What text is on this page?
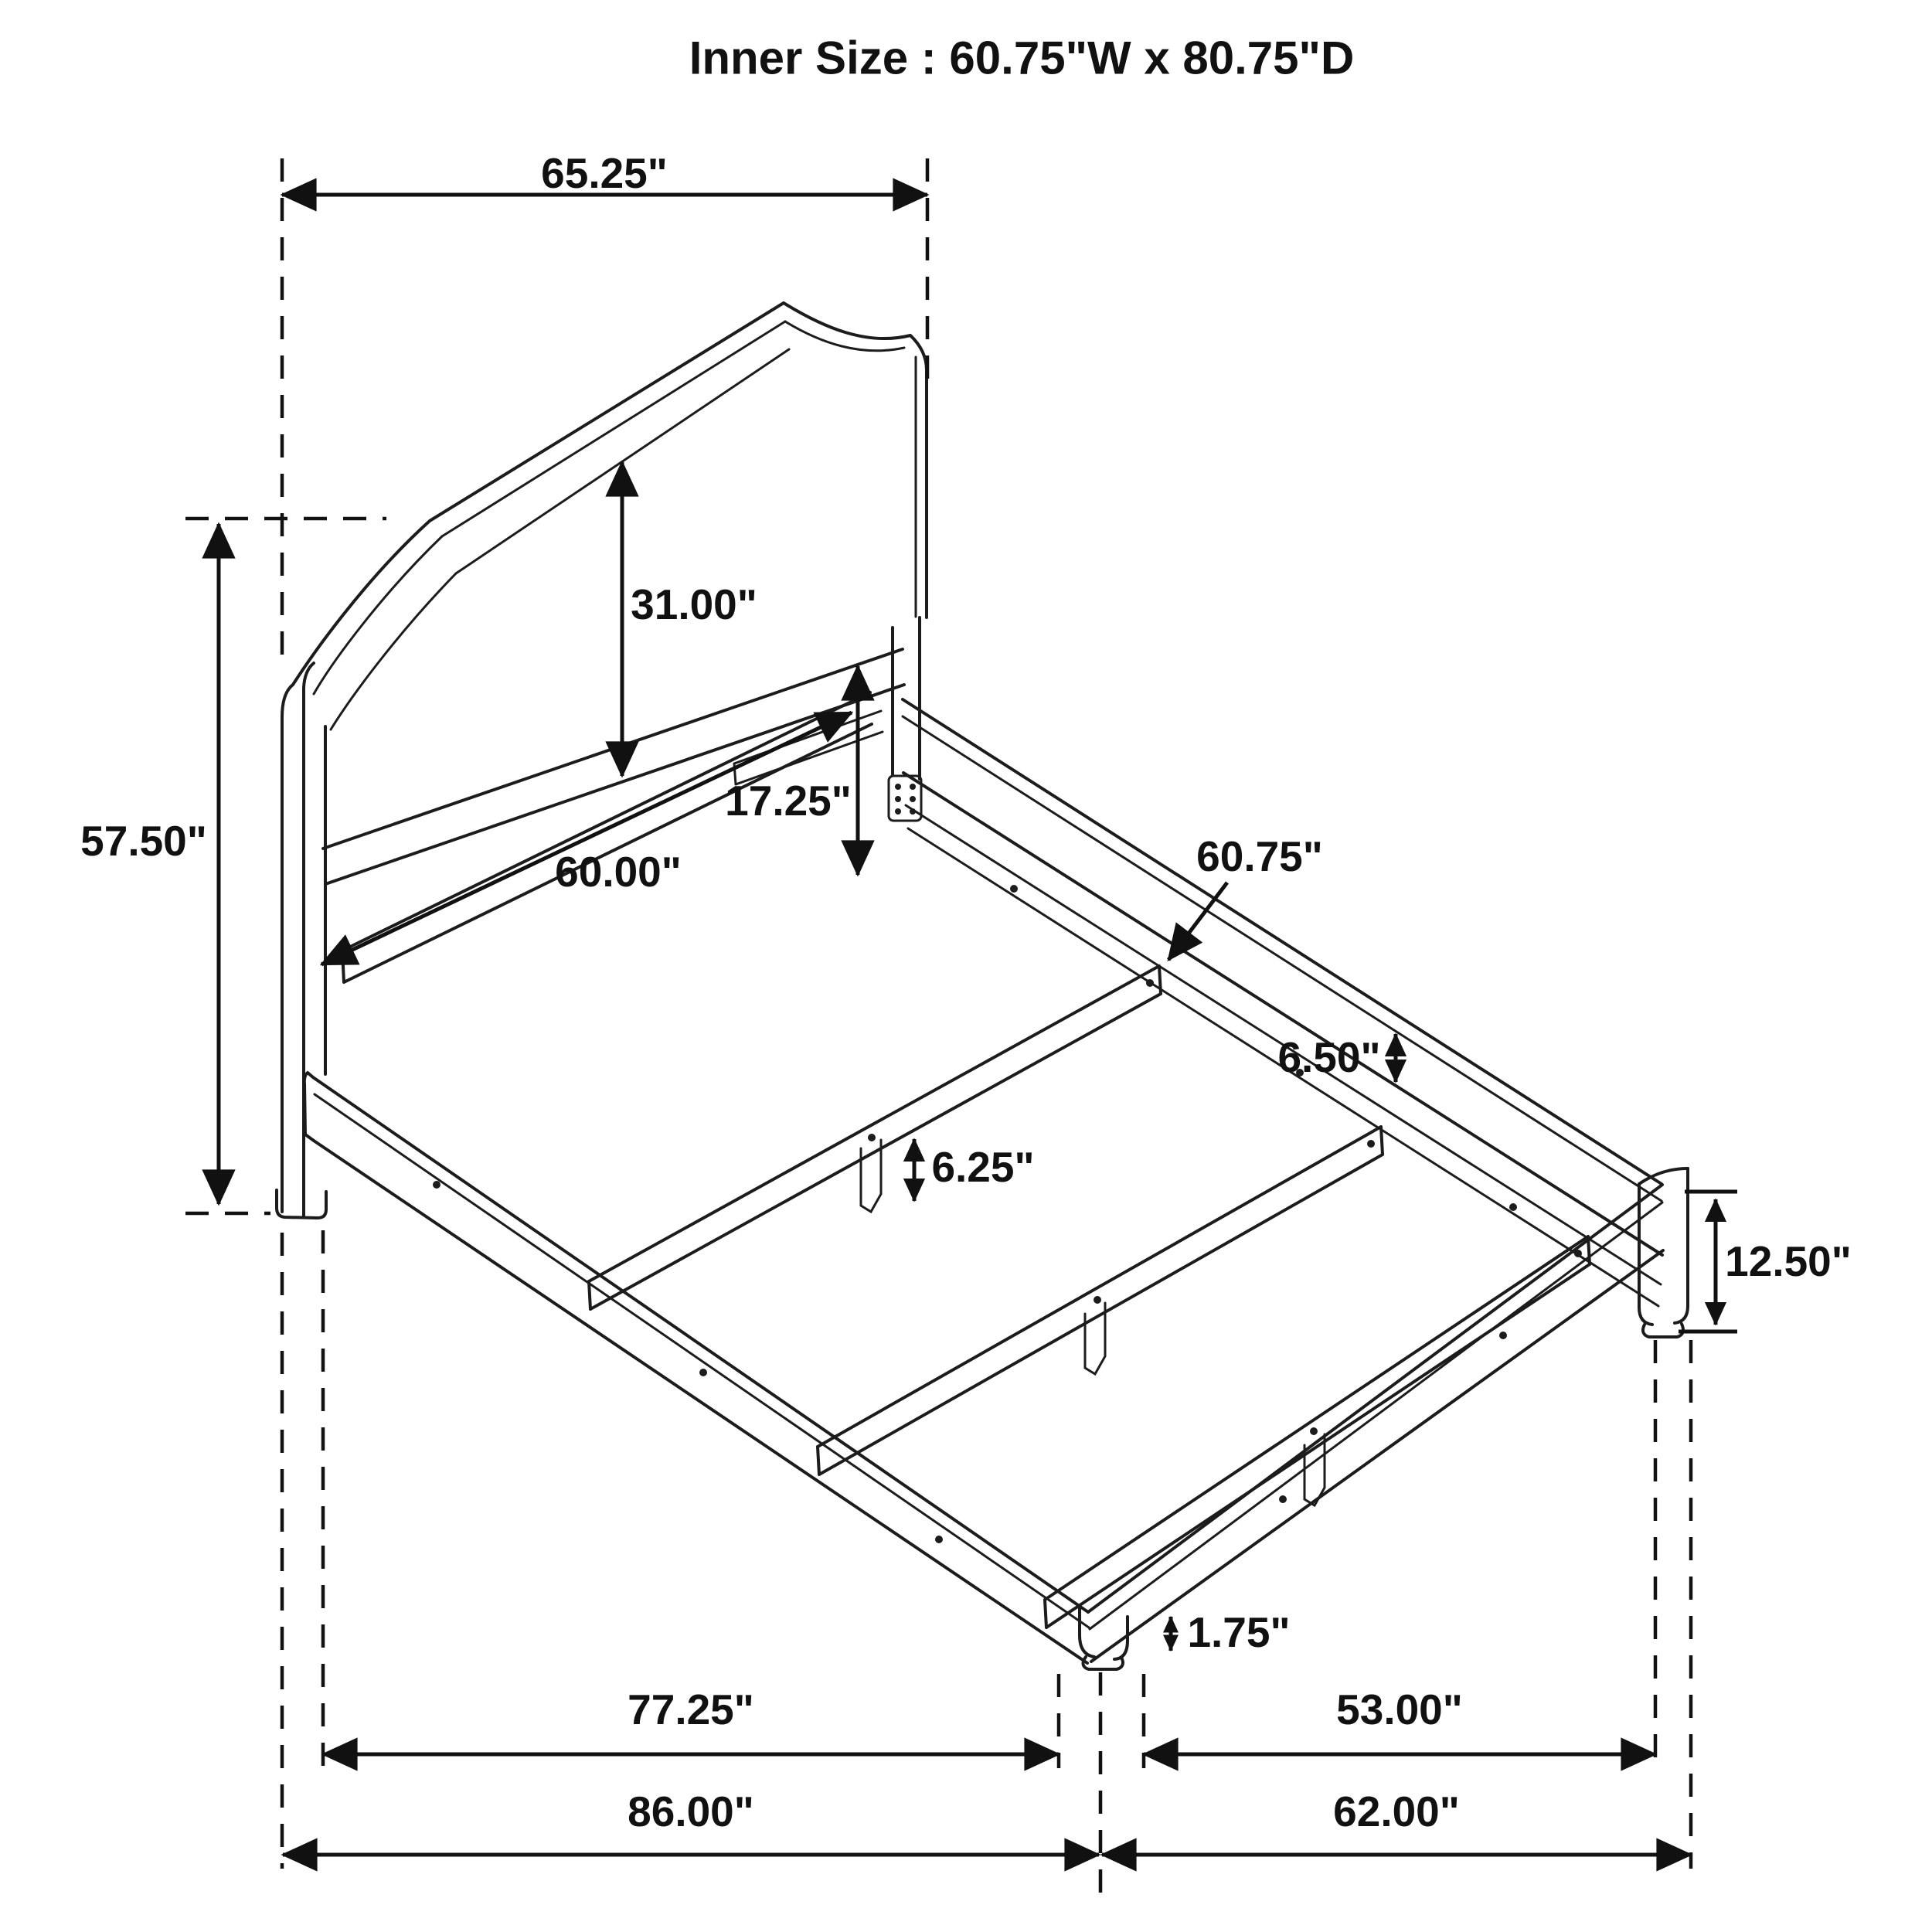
65.25"
57.50"
31.00"
17.25"
60.00"	60.75"
6.50"
6.25"
12.50"
1.75"
77.25"	53.00"
86.00"	62.00"
Inner Size : 60.75"W x 80.75"D
